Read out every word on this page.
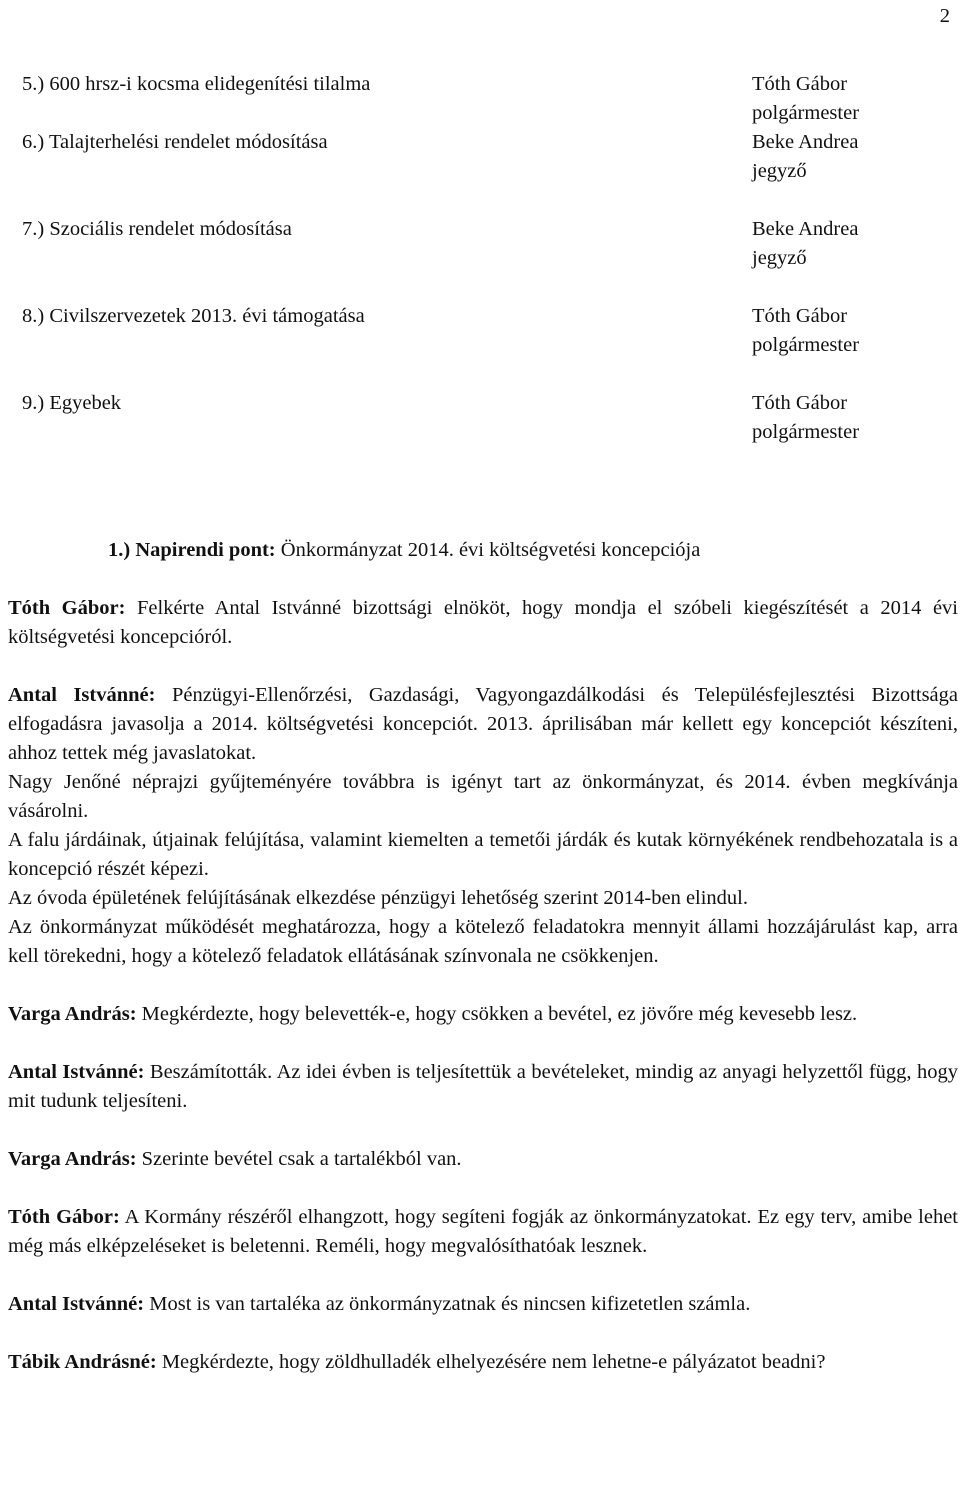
2
5.) 600 hrsz-i kocsma elidegenítési tilalma	Tóth Gábor
polgármester
6.) Talajterhelési rendelet módosítása	Beke Andrea
jegyző
7.) Szociális rendelet módosítása	Beke Andrea
jegyző
8.) Civilszervezetek 2013. évi támogatása	Tóth Gábor
polgármester
9.) Egyebek	Tóth Gábor
polgármester
1.) Napirendi pont: Önkormányzat 2014. évi költségvetési koncepciója

Tóth Gábor: Felkérte Antal Istvánné bizottsági elnököt, hogy mondja el szóbeli kiegészítését a 2014 évi költségvetési koncepcióról.

Antal Istvánné: Pénzügyi-Ellenőrzési, Gazdasági, Vagyongazdálkodási és Településfejlesztési Bizottsága elfogadásra javasolja a 2014. költségvetési koncepciót. 2013. áprilisában már kellett egy koncepciót készíteni, ahhoz tettek még javaslatokat.

Nagy Jenőné néprajzi gyűjteményére továbbra is igényt tart az önkormányzat, és 2014. évben megkívánja vásárolni.

A falu járdáinak, útjainak felújítása, valamint kiemelten a temetői járdák és kutak környékének rendbehozatala is a koncepció részét képezi.

Az óvoda épületének felújításának elkezdése pénzügyi lehetőség szerint 2014-ben elindul.

Az önkormányzat működését meghatározza, hogy a kötelező feladatokra mennyit állami hozzájárulást kap, arra kell törekedni, hogy a kötelező feladatok ellátásának színvonala ne csökkenjen.

Varga András: Megkérdezte, hogy belevették-e, hogy csökken a bevétel, ez jövőre még kevesebb lesz.

Antal Istvánné: Beszámították. Az idei évben is teljesítettük a bevételeket, mindig az anyagi helyzettől függ, hogy mit tudunk teljesíteni.

Varga András: Szerinte bevétel csak a tartalékból van.

Tóth Gábor: A Kormány részéről elhangzott, hogy segíteni fogják az önkormányzatokat. Ez egy terv, amibe lehet még más elképzeléseket is beletenni. Reméli, hogy megvalósíthatóak lesznek.

Antal Istvánné: Most is van tartaléka az önkormányzatnak és nincsen kifizetetlen számla.

Tábik Andrásné: Megkérdezte, hogy zöldhulladék elhelyezésére nem lehetne-e pályázatot beadni?
